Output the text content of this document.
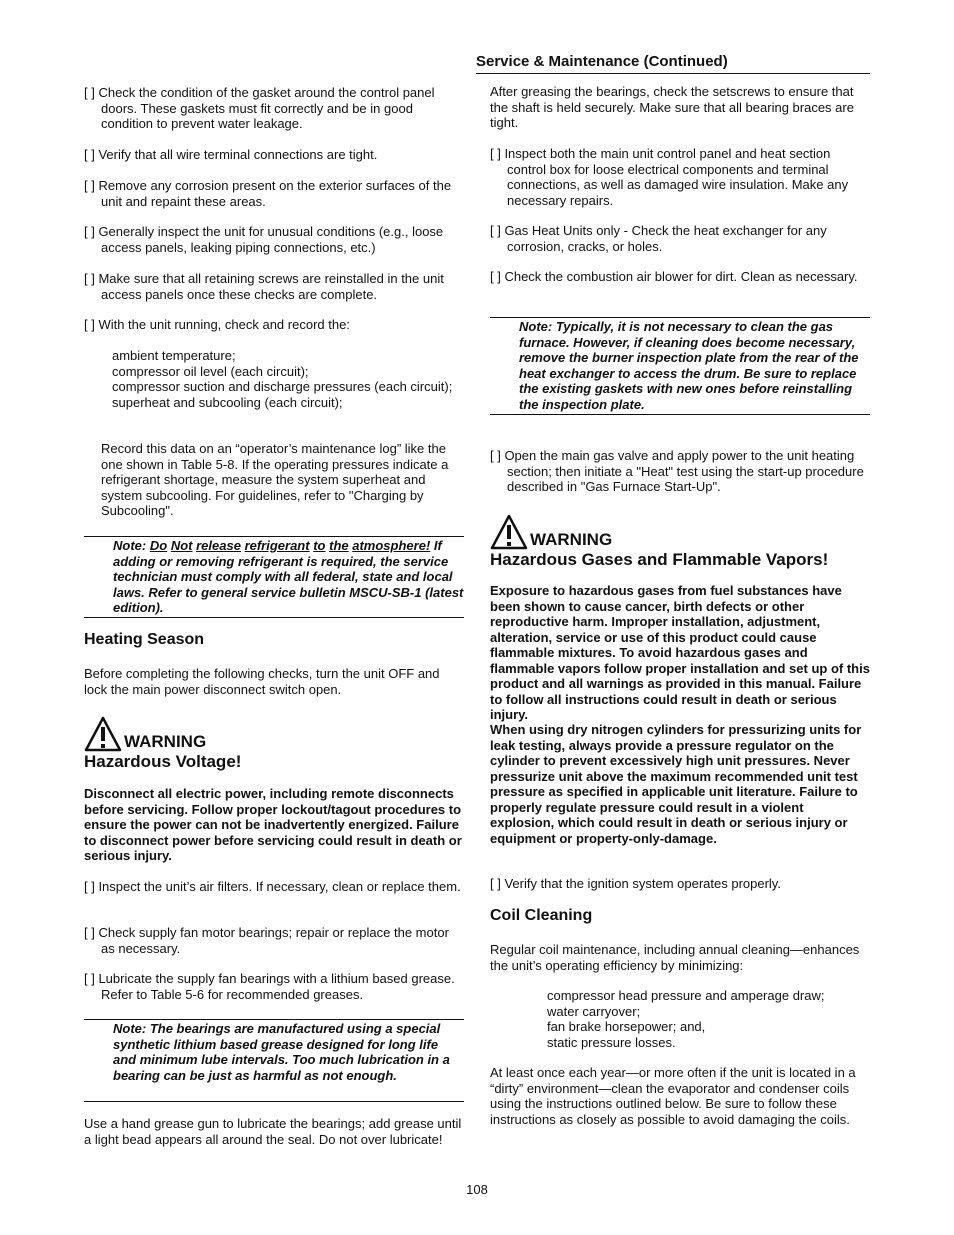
[ ] Check the condition of the gasket around the control panel doors. These gaskets must fit correctly and be in good condition to prevent water leakage.

[ ] Verify that all wire terminal connections are tight.

[ ] Remove any corrosion present on the exterior surfaces of the unit and repaint these areas.

[ ] Generally inspect the unit for unusual conditions (e.g., loose access panels, leaking piping connections, etc.)

[ ] Make sure that all retaining screws are reinstalled in the unit access panels once these checks are complete.

[ ] With the unit running, check and record the:

ambient temperature;
compressor oil level (each circuit);
compressor suction and discharge pressures (each circuit);
superheat and subcooling (each circuit);

Record this data on an “operator’s maintenance log” like the one shown in Table 5-8. If the operating pressures indicate a refrigerant shortage, measure the system superheat and system subcooling. For guidelines, refer to "Charging by Subcooling".

Note: Do Not release refrigerant to the atmosphere! If adding or removing refrigerant is required, the service technician must comply with all federal, state and local laws. Refer to general service bulletin MSCU-SB-1 (latest edition).

Heating Season

Before completing the following checks, turn the unit OFF and lock the main power disconnect switch open.

WARNING
Hazardous Voltage!

Disconnect all electric power, including remote disconnects before servicing. Follow proper lockout/tagout procedures to ensure the power can not be inadvertently energized. Failure to disconnect power before servicing could result in death or serious injury.

[ ] Inspect the unit’s air filters. If necessary, clean or replace them.

[ ] Check supply fan motor bearings; repair or replace the motor as necessary.

[ ] Lubricate the supply fan bearings with a lithium based grease. Refer to Table 5-6 for recommended greases.

Note: The bearings are manufactured using a special synthetic lithium based grease designed for long life and minimum lube intervals. Too much lubrication in a bearing can be just as harmful as not enough.

Use a hand grease gun to lubricate the bearings; add grease until a light bead appears all around the seal. Do not over lubricate!

Service & Maintenance (Continued)

After greasing the bearings, check the setscrews to ensure that the shaft is held securely. Make sure that all bearing braces are tight.

[ ] Inspect both the main unit control panel and heat section control box for loose electrical components and terminal connections, as well as damaged wire insulation. Make any necessary repairs.

[ ] Gas Heat Units only - Check the heat exchanger for any corrosion, cracks, or holes.

[ ] Check the combustion air blower for dirt. Clean as necessary.

Note: Typically, it is not necessary to clean the gas furnace. However, if cleaning does become necessary, remove the burner inspection plate from the rear of the heat exchanger to access the drum. Be sure to replace the existing gaskets with new ones before reinstalling the inspection plate.

[ ] Open the main gas valve and apply power to the unit heating section; then initiate a "Heat" test using the start-up procedure described in "Gas Furnace Start-Up".

WARNING
Hazardous Gases and Flammable Vapors!

Exposure to hazardous gases from fuel substances have been shown to cause cancer, birth defects or other reproductive harm. Improper installation, adjustment, alteration, service or use of this product could cause flammable mixtures. To avoid hazardous gases and flammable vapors follow proper installation and set up of this product and all warnings as provided in this manual. Failure to follow all instructions could result in death or serious injury.

When using dry nitrogen cylinders for pressurizing units for leak testing, always provide a pressure regulator on the cylinder to prevent excessively high unit pressures. Never pressurize unit above the maximum recommended unit test pressure as specified in applicable unit literature. Failure to properly regulate pressure could result in a violent explosion, which could result in death or serious injury or equipment or property-only-damage.

[ ] Verify that the ignition system operates properly.

Coil Cleaning

Regular coil maintenance, including annual cleaning—enhances the unit’s operating efficiency by minimizing:

compressor head pressure and amperage draw;
water carryover;
fan brake horsepower; and,
static pressure losses.

At least once each year—or more often if the unit is located in a “dirty” environment—clean the evaporator and condenser coils using the instructions outlined below. Be sure to follow these instructions as closely as possible to avoid damaging the coils.

108
